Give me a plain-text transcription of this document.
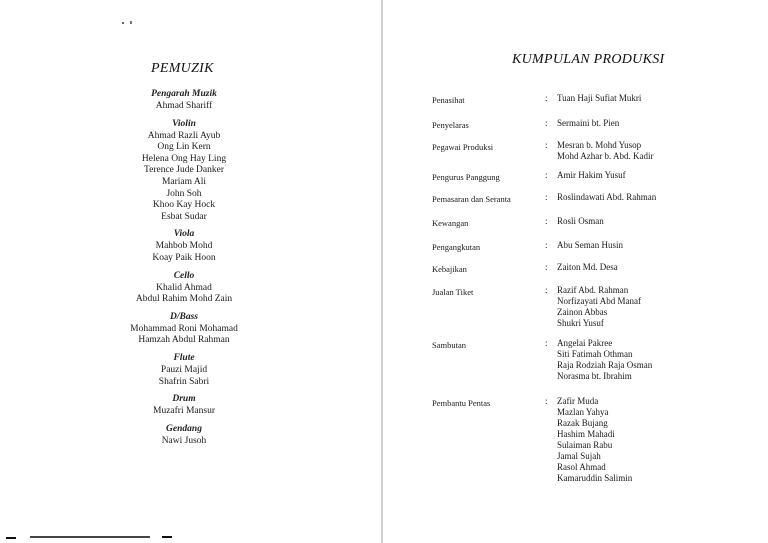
PEMUZIK
Pengarah Muzik
Ahmad Shariff
Violin
Ahmad Razli Ayub
Ong Lin Kern
Helena Ong Hay Ling
Terence Jude Danker
Mariam Ali
John Soh
Khoo Kay Hock
Esbat Sudar
Viola
Mahbob Mohd
Koay Paik Hoon
Cello
Khalid Ahmad
Abdul Rahim Mohd Zain
D/Bass
Mohammad Roni Mohamad
Hamzah Abdul Rahman
Flute
Pauzi Majid
Shafrin Sabri
Drum
Muzafri Mansur
Gendang
Nawi Jusoh
KUMPULAN PRODUKSI
Penasihat	: Tuan Haji Sufiat Mukri
Penyelaras	: Sermaini bt. Pien
Pegawai Produksi	: Mesran b. Mohd Yusop
Mohd Azhar b. Abd. Kadir
Pengurus Panggung	: Amir Hakim Yusuf
Pemasaran dan Seranta	: Roslindawati Abd. Rahman
Kewangan	: Rosli Osman
Pengangkutan	: Abu Seman Husin
Kebajikan	: Zaiton Md. Desa
Jualan Tiket	: Razif Abd. Rahman
Norfizayati Abd Manaf
Zainon Abbas
Shukri Yusuf
Sambutan	: Angelai Pakree
Siti Fatimah Othman
Raja Rodziah Raja Osman
Norasma bt. Ibrahim
Pembantu Pentas	: Zafir Muda
Mazlan Yahya
Razak Bujang
Hashim Mahadi
Sulaiman Rabu
Jamal Sujah
Rasol Ahmad
Kamaruddin Salimin
